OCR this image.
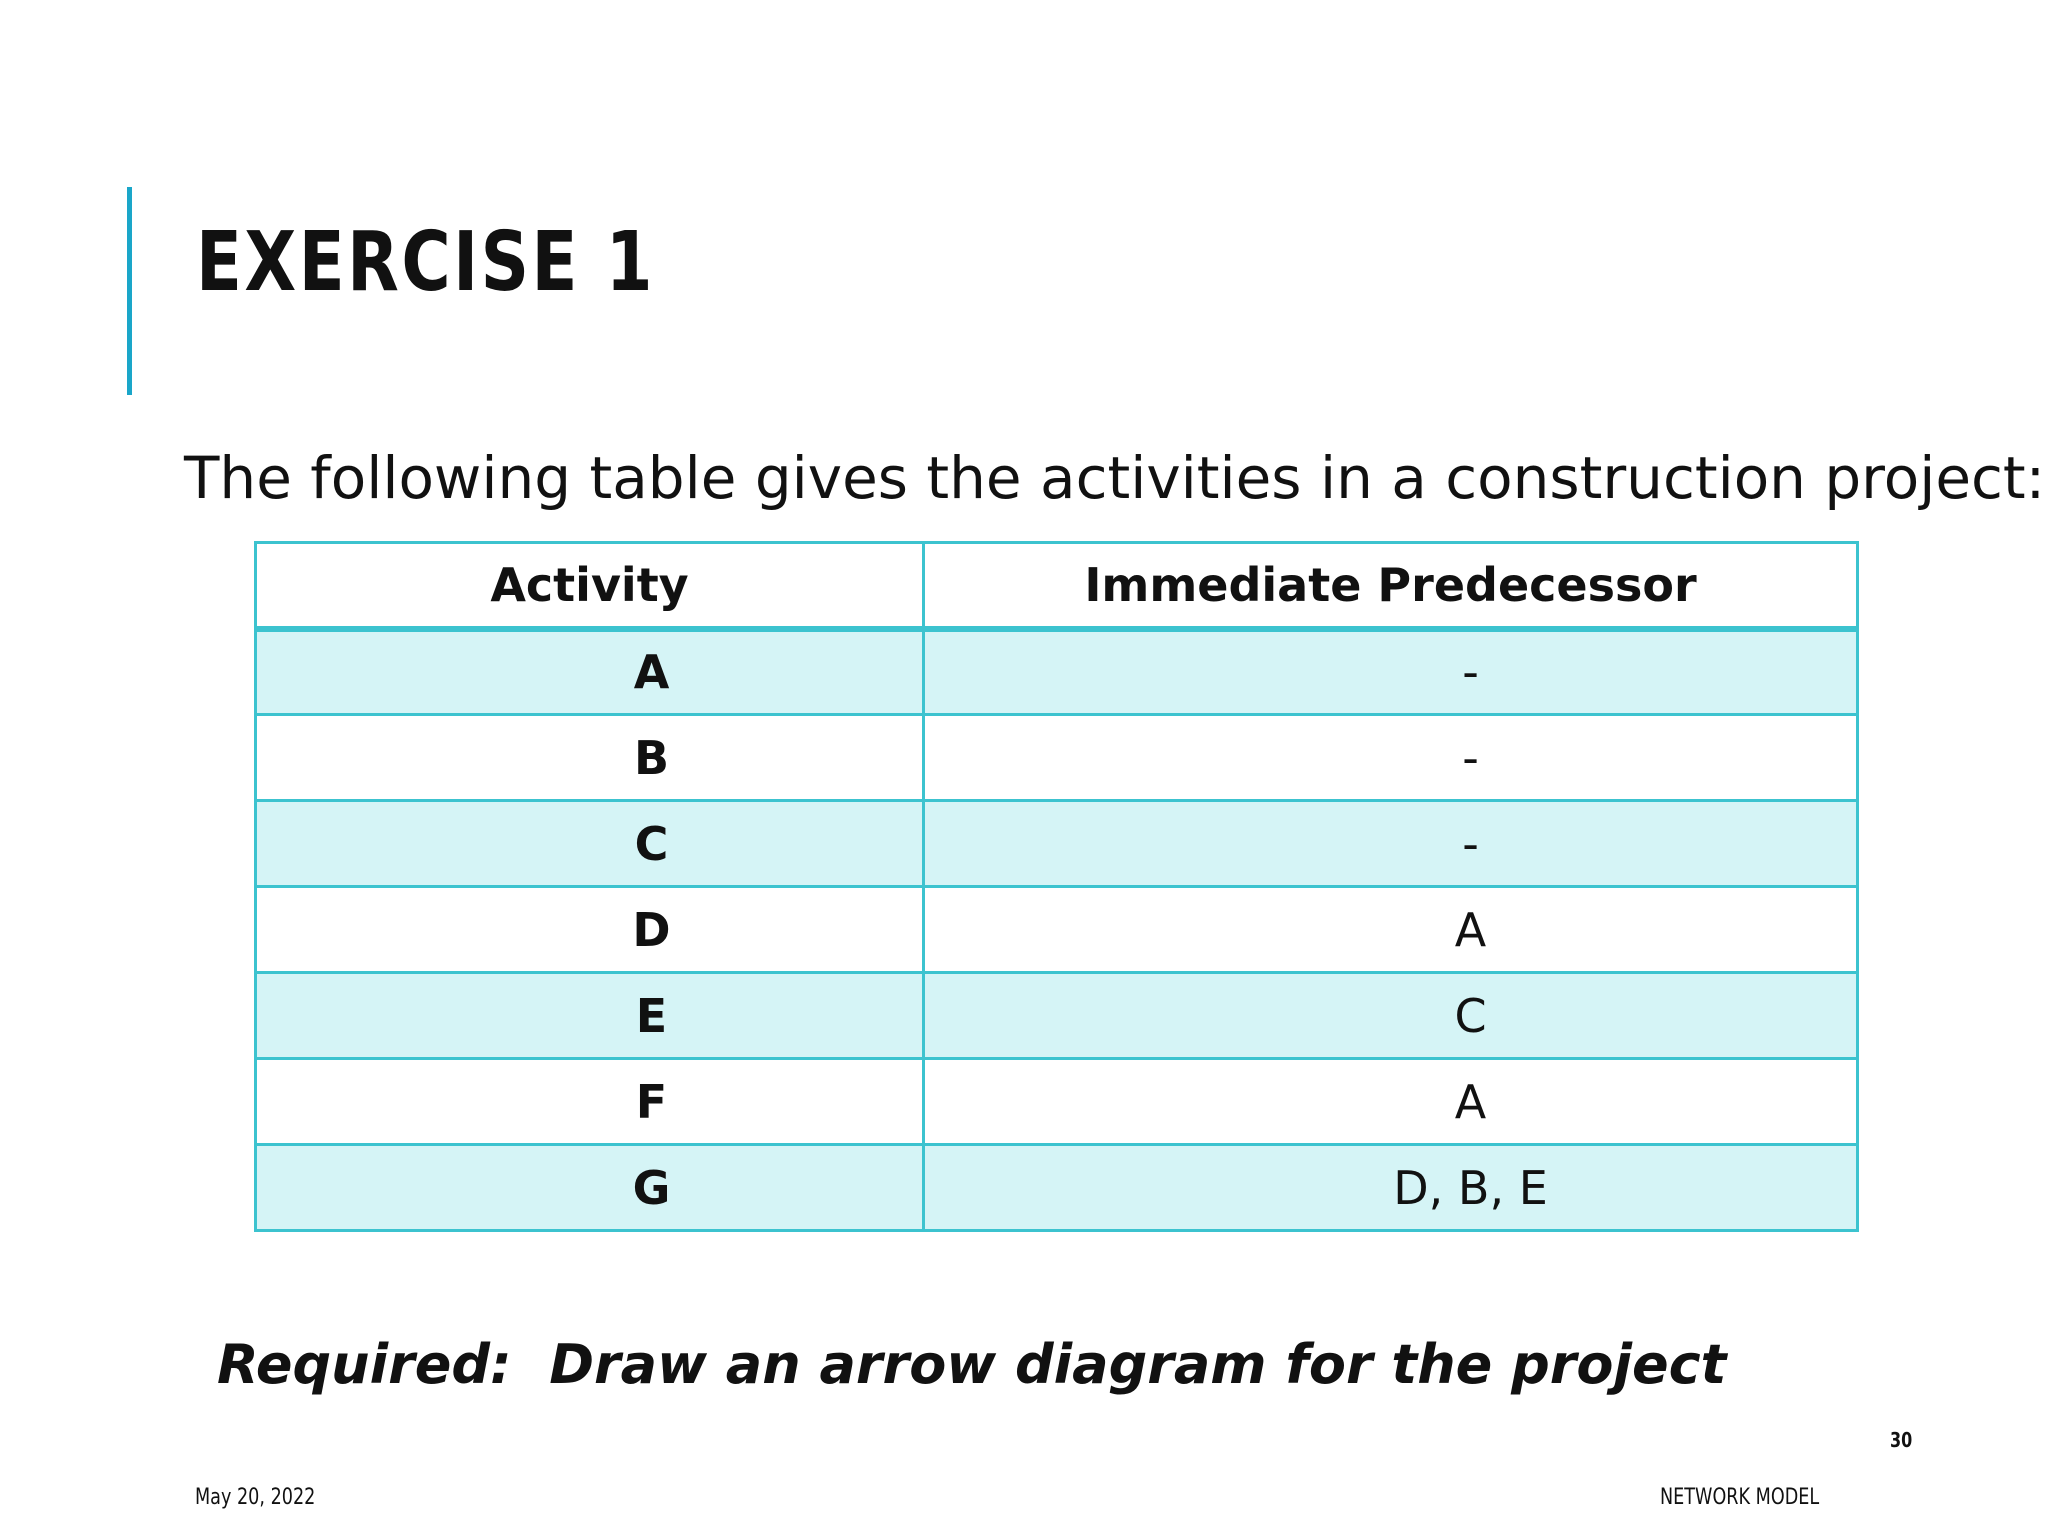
EXERCISE 1

The following table gives the activities in a construction project:

Activity	Immediate Predecessor
A	-
B	-
C	-
D	A
E	C
F	A
G	D, B, E

Required:  Draw an arrow diagram for the project

30
May 20, 2022	NETWORK MODEL
